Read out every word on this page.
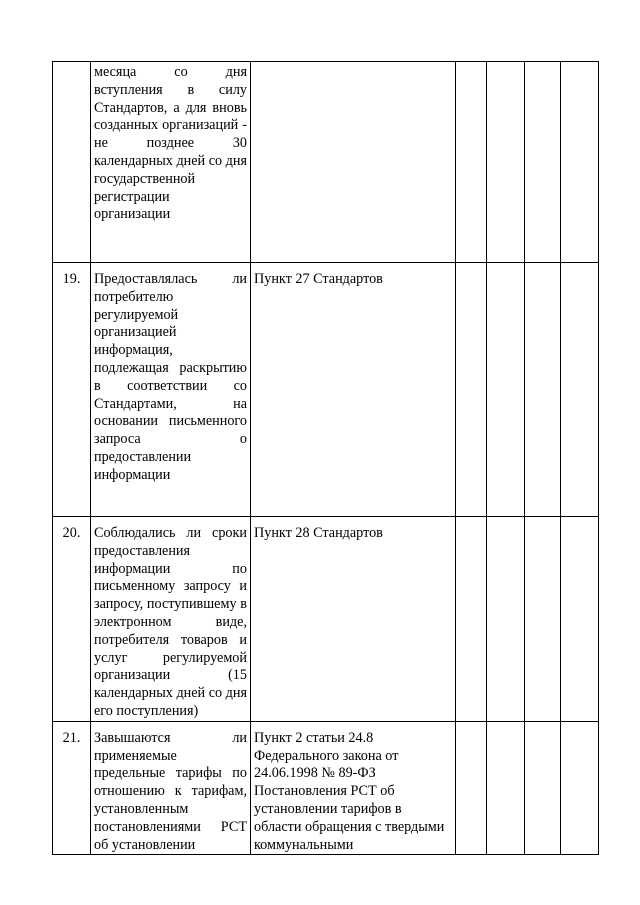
	месяца со дня вступления в силу Стандартов, а для вновь созданных организаций - не позднее 30 календарных дней со дня государственной регистрации организации					
19.	Предоставлялась ли потребителю регулируемой организацией информация, подлежащая раскрытию в соответствии со Стандартами, на основании письменного запроса о предоставлении информации	Пункт 27 Стандартов				
20.	Соблюдались ли сроки предоставления информации по письменному запросу и запросу, поступившему в электронном виде, потребителя товаров и услуг регулируемой организации (15 календарных дней со дня его поступления)	Пункт 28 Стандартов				
21.	Завышаются ли применяемые предельные тарифы по отношению к тарифам, установленным постановлениями РСТ об установлении	Пункт 2 статьи 24.8 Федерального закона от 24.06.1998 № 89-ФЗ Постановления РСТ об установлении тарифов в области обращения с твердыми коммунальными				
